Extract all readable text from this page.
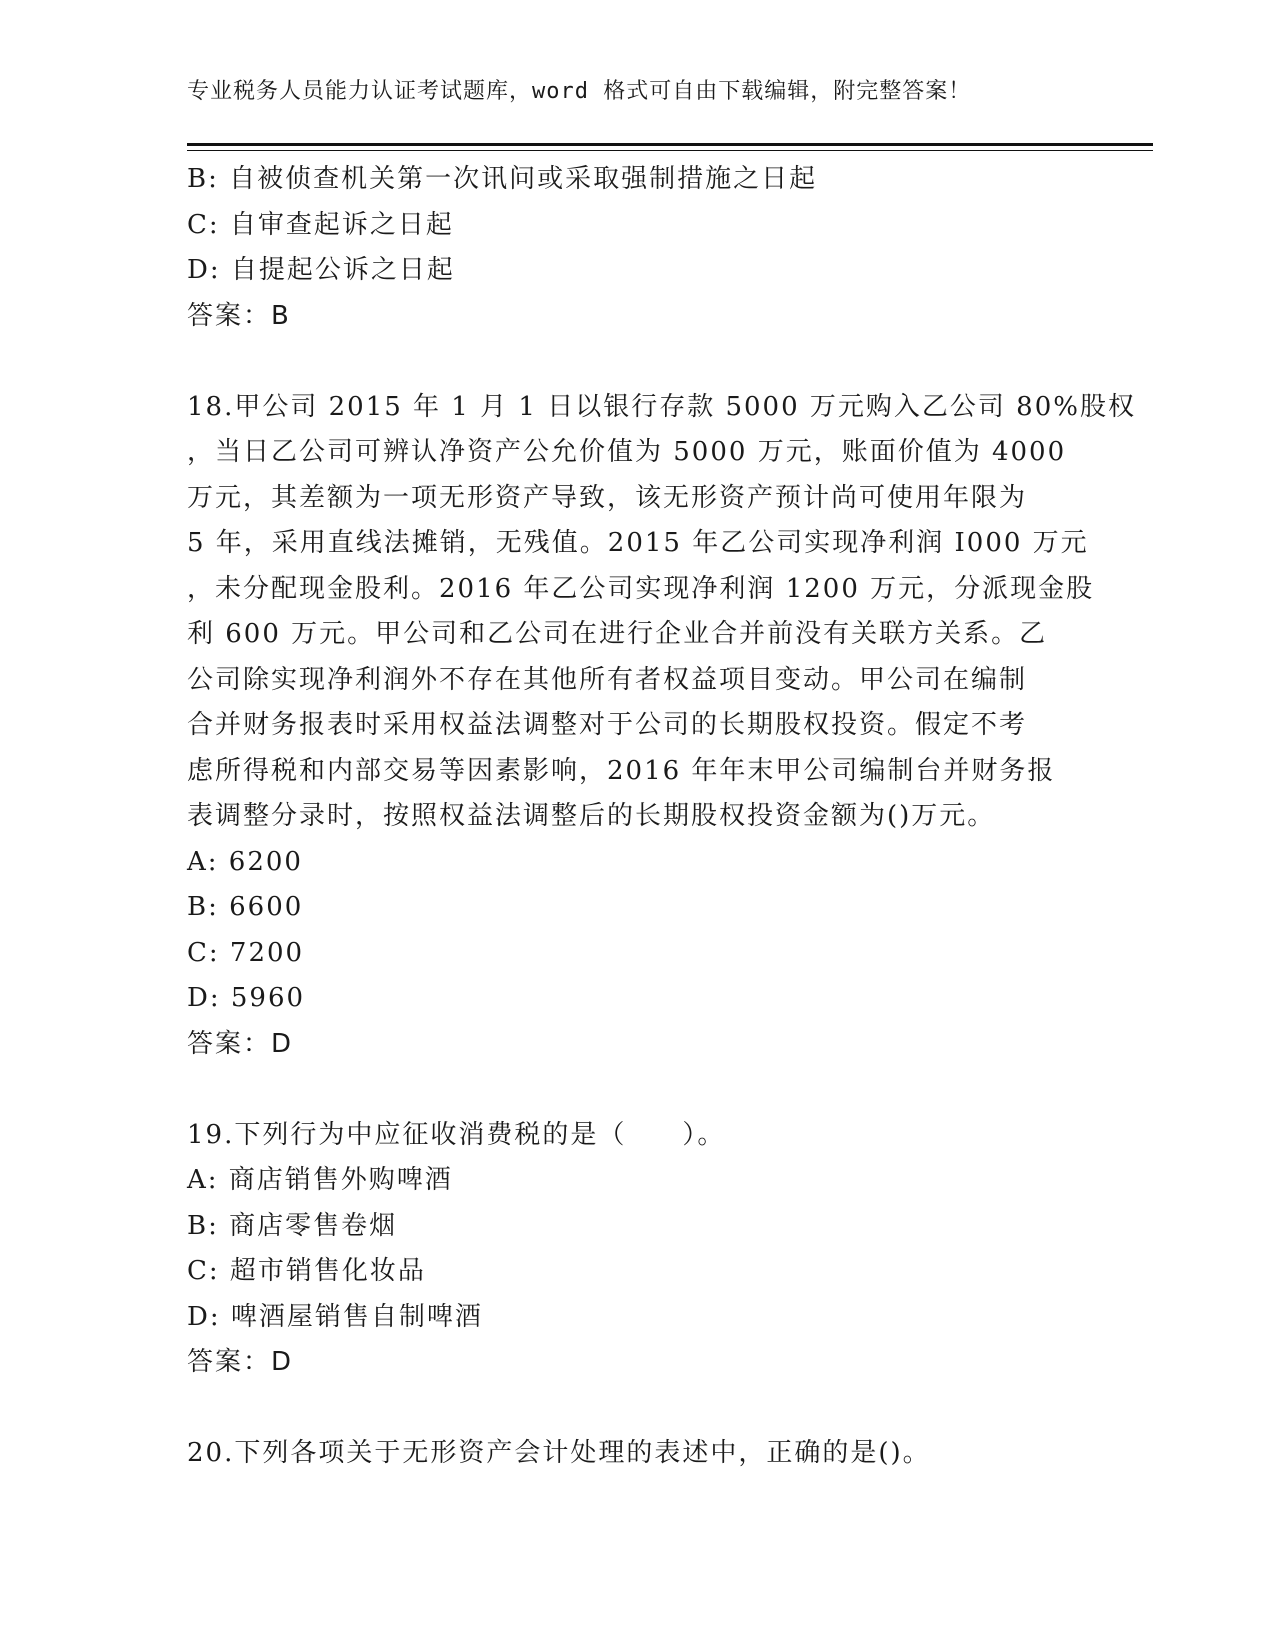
专业税务人员能力认证考试题库，word 格式可自由下载编辑，附完整答案！
B: 自被侦查机关第一次讯问或采取强制措施之日起
C: 自审查起诉之日起
D: 自提起公诉之日起
答案：B
18.甲公司 2015 年 1 月 1 日以银行存款 5000 万元购入乙公司 80%股权
，当日乙公司可辨认净资产公允价值为 5000 万元，账面价值为 4000
万元，其差额为一项无形资产导致，该无形资产预计尚可使用年限为
5 年，采用直线法摊销，无残值。2015 年乙公司实现净利润 I000 万元
，未分配现金股利。2016 年乙公司实现净利润 1200 万元，分派现金股
利 600 万元。甲公司和乙公司在进行企业合并前没有关联方关系。乙
公司除实现净利润外不存在其他所有者权益项目变动。甲公司在编制
合并财务报表时采用权益法调整对于公司的长期股权投资。假定不考
虑所得税和内部交易等因素影响，2016 年年末甲公司编制台并财务报
表调整分录时，按照权益法调整后的长期股权投资金额为()万元。
A: 6200
B: 6600
C: 7200
D: 5960
答案：D
19.下列行为中应征收消费税的是（　　）。
A: 商店销售外购啤酒
B: 商店零售卷烟
C: 超市销售化妆品
D: 啤酒屋销售自制啤酒
答案：D
20.下列各项关于无形资产会计处理的表述中，正确的是()。
